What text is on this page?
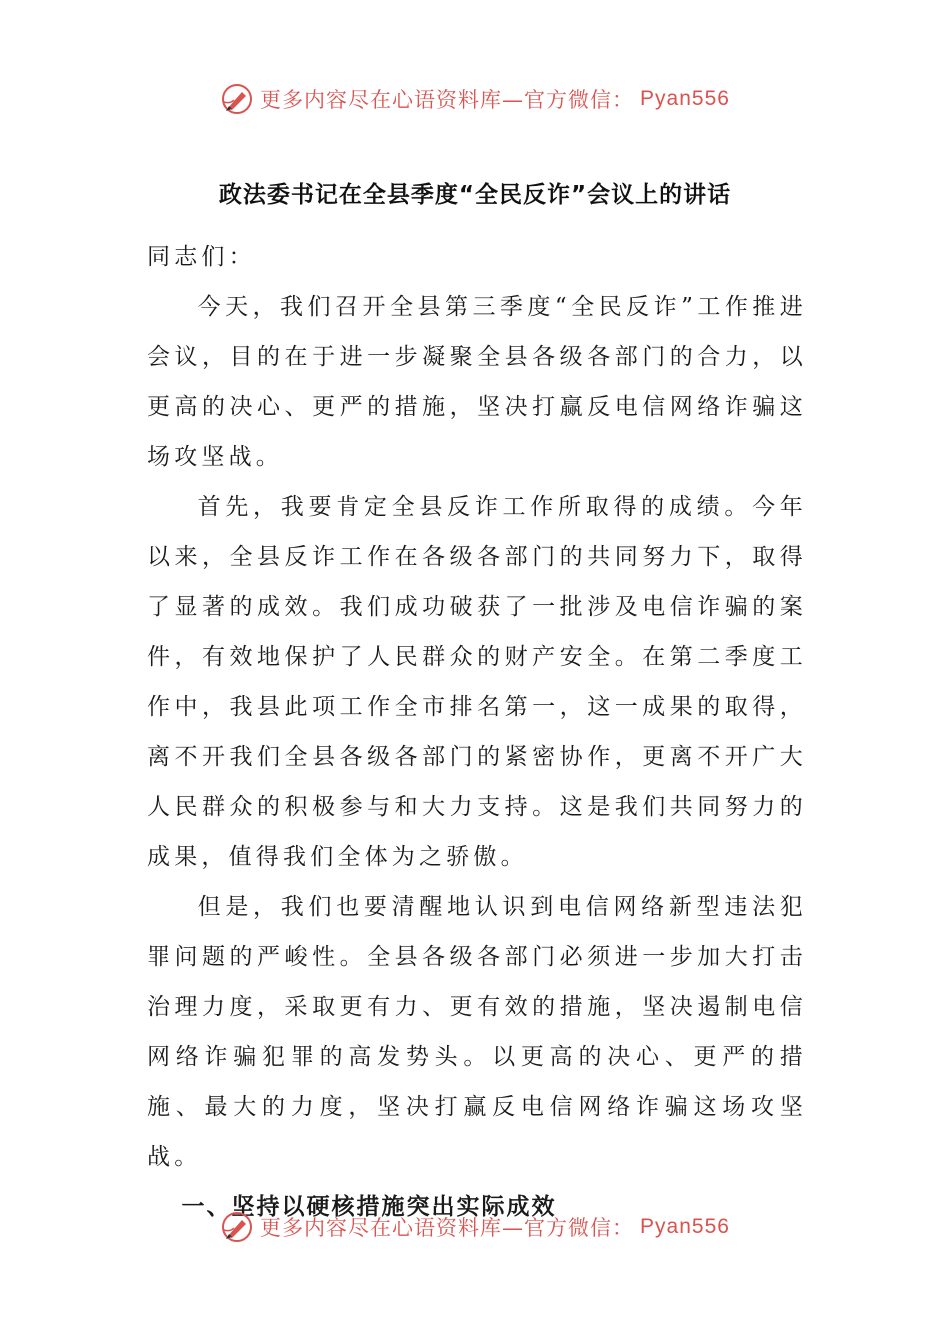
更多内容尽在心语资料库—官方微信： Pyan556
政法委书记在全县季度“全民反诈”会议上的讲话

同志们：

今天，我们召开全县第三季度“全民反诈”工作推进会议，目的在于进一步凝聚全县各级各部门的合力，以更高的决心、更严的措施，坚决打赢反电信网络诈骗这场攻坚战。

首先，我要肯定全县反诈工作所取得的成绩。今年以来，全县反诈工作在各级各部门的共同努力下，取得了显著的成效。我们成功破获了一批涉及电信诈骗的案件，有效地保护了人民群众的财产安全。在第二季度工作中，我县此项工作全市排名第一，这一成果的取得，离不开我们全县各级各部门的紧密协作，更离不开广大人民群众的积极参与和大力支持。这是我们共同努力的成果，值得我们全体为之骄傲。

但是，我们也要清醒地认识到电信网络新型违法犯罪问题的严峻性。全县各级各部门必须进一步加大打击治理力度，采取更有力、更有效的措施，坚决遏制电信网络诈骗犯罪的高发势头。以更高的决心、更严的措施、最大的力度，坚决打赢反电信网络诈骗这场攻坚战。

一、坚持以硬核措施突出实际成效

更多内容尽在心语资料库—官方微信： Pyan556
